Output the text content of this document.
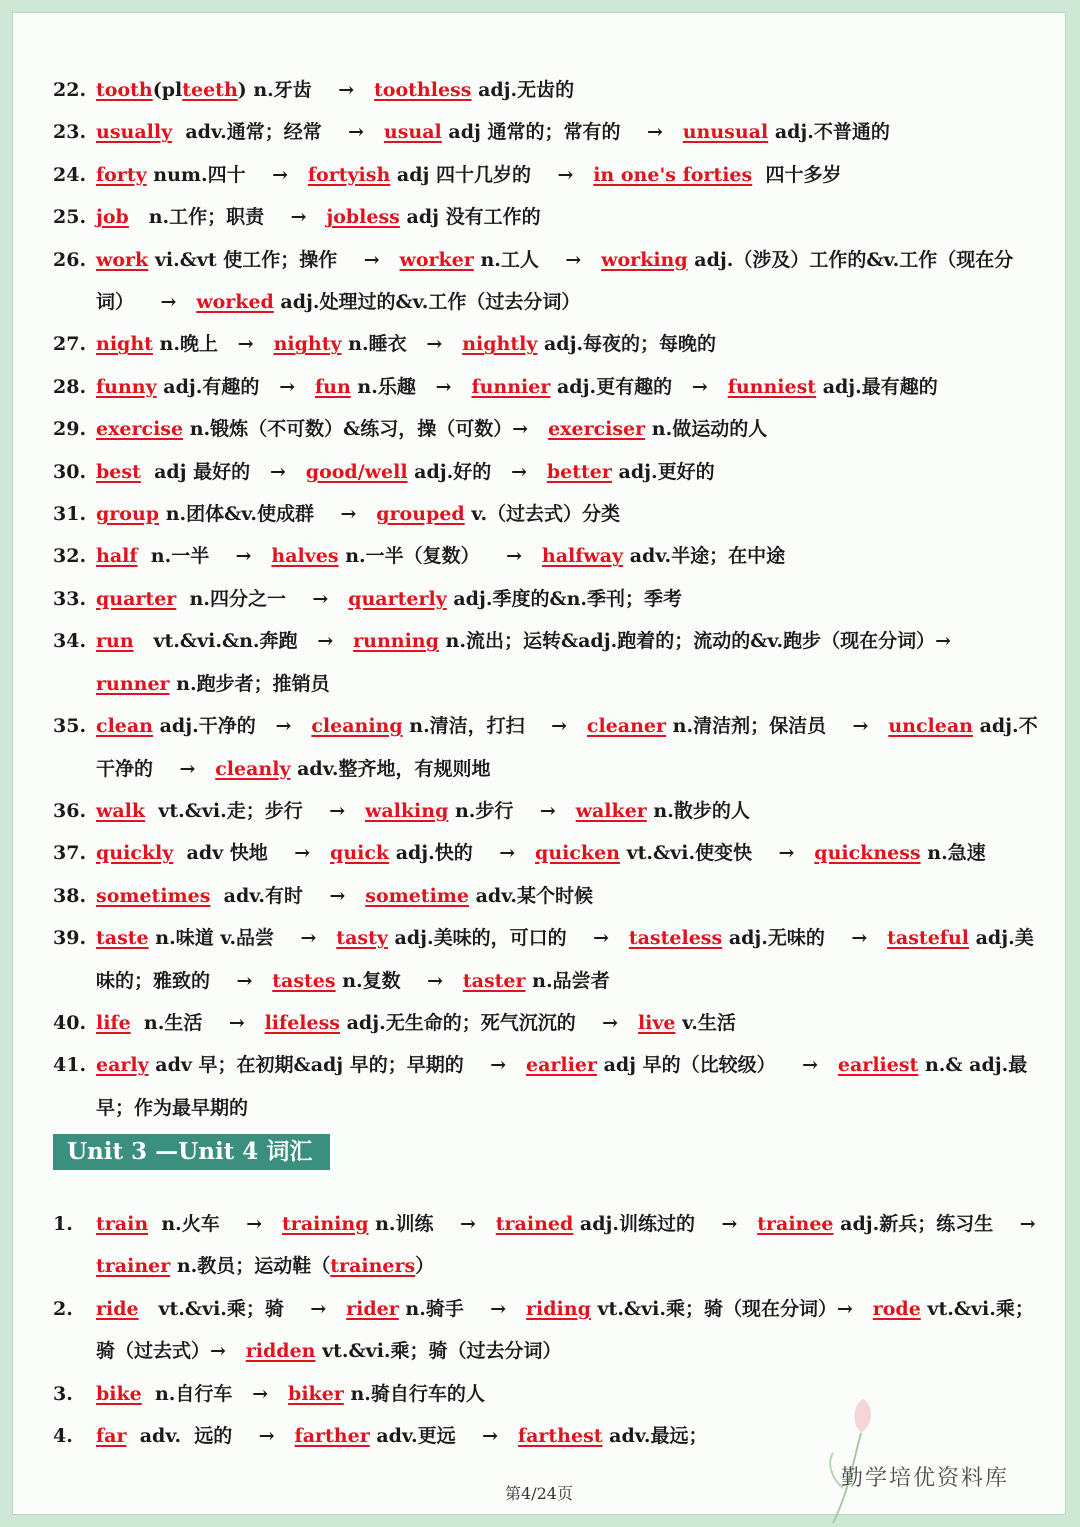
22. tooth(plteeth) n.牙齿    →   toothless adj.无齿的
23. usually  adv.通常；经常    →   usual adj 通常的；常有的    →   unusual adj.不普通的
24. forty num.四十    →   fortyish adj 四十几岁的    →   in one's forties  四十多岁
25. job   n.工作；职责    →   jobless adj 没有工作的
26. work vi.&vt 使工作；操作    →   worker n.工人    →   working adj.（涉及）工作的&v.工作（现在分词）    →   worked adj.处理过的&v.工作（过去分词）
27. night n.晚上   →   nighty n.睡衣   →   nightly adj.每夜的；每晚的
28. funny adj.有趣的   →   fun n.乐趣   →   funnier adj.更有趣的   →   funniest adj.最有趣的
29. exercise n.锻炼（不可数）&练习，操（可数）→   exerciser n.做运动的人
30. best  adj 最好的   →   good/well adj.好的   →   better adj.更好的
31. group n.团体&v.使成群    →   grouped v.（过去式）分类
32. half  n.一半    →   halves n.一半（复数）    →   halfway adv.半途；在中途
33. quarter  n.四分之一    →   quarterly adj.季度的&n.季刊；季考
34. run   vt.&vi.&n.奔跑   →   running n.流出；运转&adj.跑着的；流动的&v.跑步（现在分词）→   runner n.跑步者；推销员
35. clean adj.干净的   →   cleaning n.清洁，打扫    →   cleaner n.清洁剂；保洁员    →   unclean adj.不干净的    →   cleanly adv.整齐地，有规则地
36. walk  vt.&vi.走；步行    →   walking n.步行    →   walker n.散步的人
37. quickly  adv 快地    →   quick adj.快的    →   quicken vt.&vi.使变快    →   quickness n.急速
38. sometimes  adv.有时    →   sometime adv.某个时候
39. taste n.味道 v.品尝    →   tasty adj.美味的，可口的    →   tasteless adj.无味的    →   tasteful adj.美味的；雅致的    →   tastes n.复数    →   taster n.品尝者
40. life  n.生活    →   lifeless adj.无生命的；死气沉沉的    →   live v.生活
41. early adv 早；在初期&adj 早的；早期的    →   earlier adj 早的（比较级）    →   earliest n.& adj.最早；作为最早期的
Unit 3 —Unit 4 词汇
1.	train  n.火车    →   training n.训练    →   trained adj.训练过的    →   trainee adj.新兵；练习生    →   trainer n.教员；运动鞋（trainers）
2.	ride   vt.&vi.乘；骑    →   rider n.骑手    →   riding vt.&vi.乘；骑（现在分词）→   rode vt.&vi.乘；骑（过去式）→   ridden vt.&vi.乘；骑（过去分词）
3.	bike  n.自行车   →   biker n.骑自行车的人
4.	far  adv.  远的    →   farther adv.更远    →   farthest adv.最远；
勤学培优资料库
第4/24页
